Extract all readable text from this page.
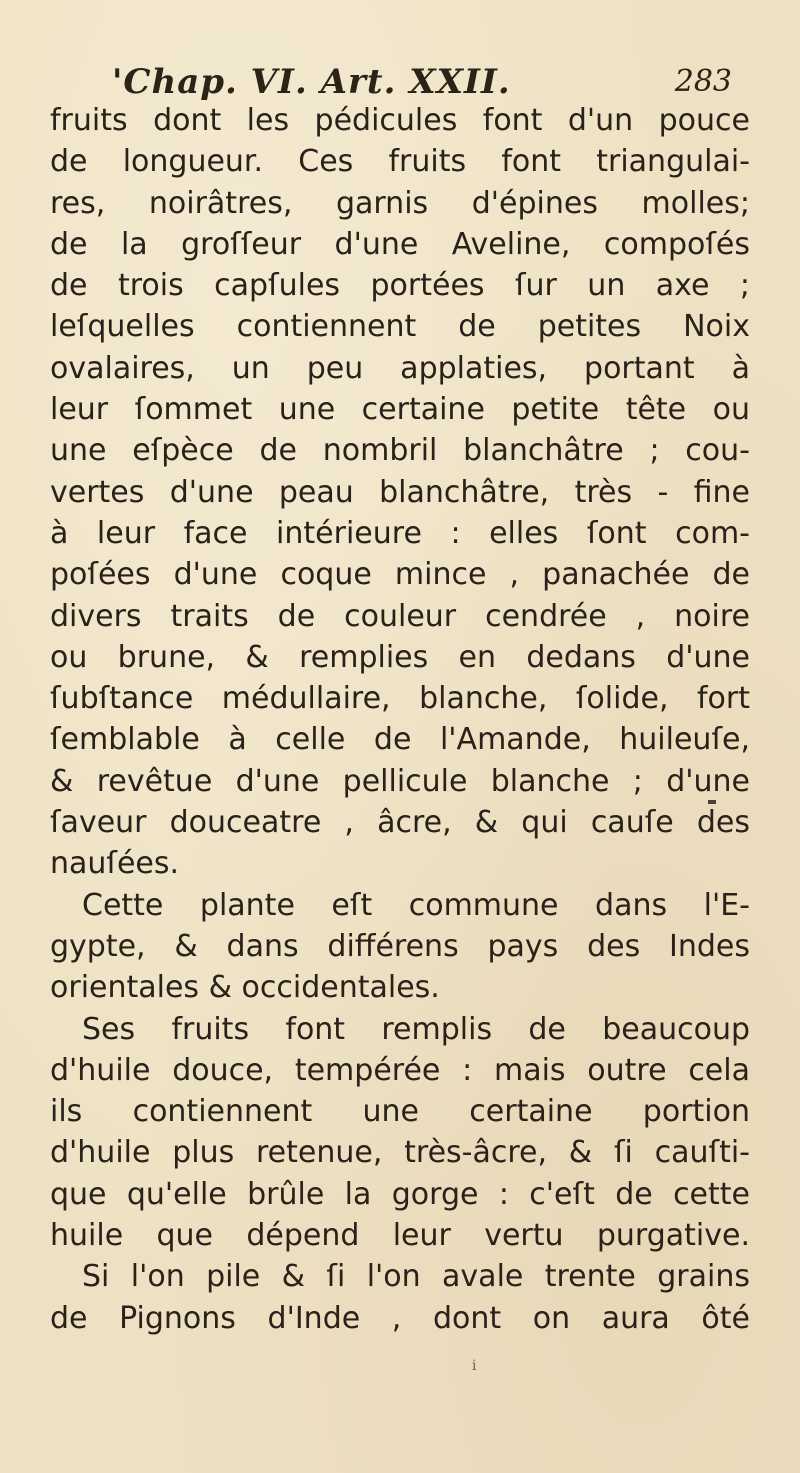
'Chap. VI. Art. XXII.	283
fruits dont les pédicules font d'un pouce
de longueur. Ces fruits font triangulai-
res, noirâtres, garnis d'épines molles;
de la groſſeur d'une Aveline, compoſés
de trois capſules portées ſur un axe ;
leſquelles contiennent de petites Noix
ovalaires, un peu applaties, portant à
leur ſommet une certaine petite tête ou
une eſpèce de nombril blanchâtre ; cou-
vertes d'une peau blanchâtre, très - fine
à leur face intérieure : elles ſont com-
poſées d'une coque mince , panachée de
divers traits de couleur cendrée , noire
ou brune, & remplies en dedans d'une
ſubſtance médullaire, blanche, ſolide, fort
ſemblable à celle de l'Amande, huileuſe,
& revêtue d'une pellicule blanche ; d'une
ſaveur douceatre , âcre, & qui cauſe des
nauſées.
Cette plante eſt commune dans l'E-
gypte, & dans différens pays des Indes
orientales & occidentales.
Ses fruits font remplis de beaucoup
d'huile douce, tempérée : mais outre cela
ils contiennent une certaine portion
d'huile plus retenue, très-âcre, & ſi cauſti-
que qu'elle brûle la gorge : c'eſt de cette
huile que dépend leur vertu purgative.
Si l'on pile & ſi l'on avale trente grains
de Pignons d'Inde , dont on aura ôté
i
